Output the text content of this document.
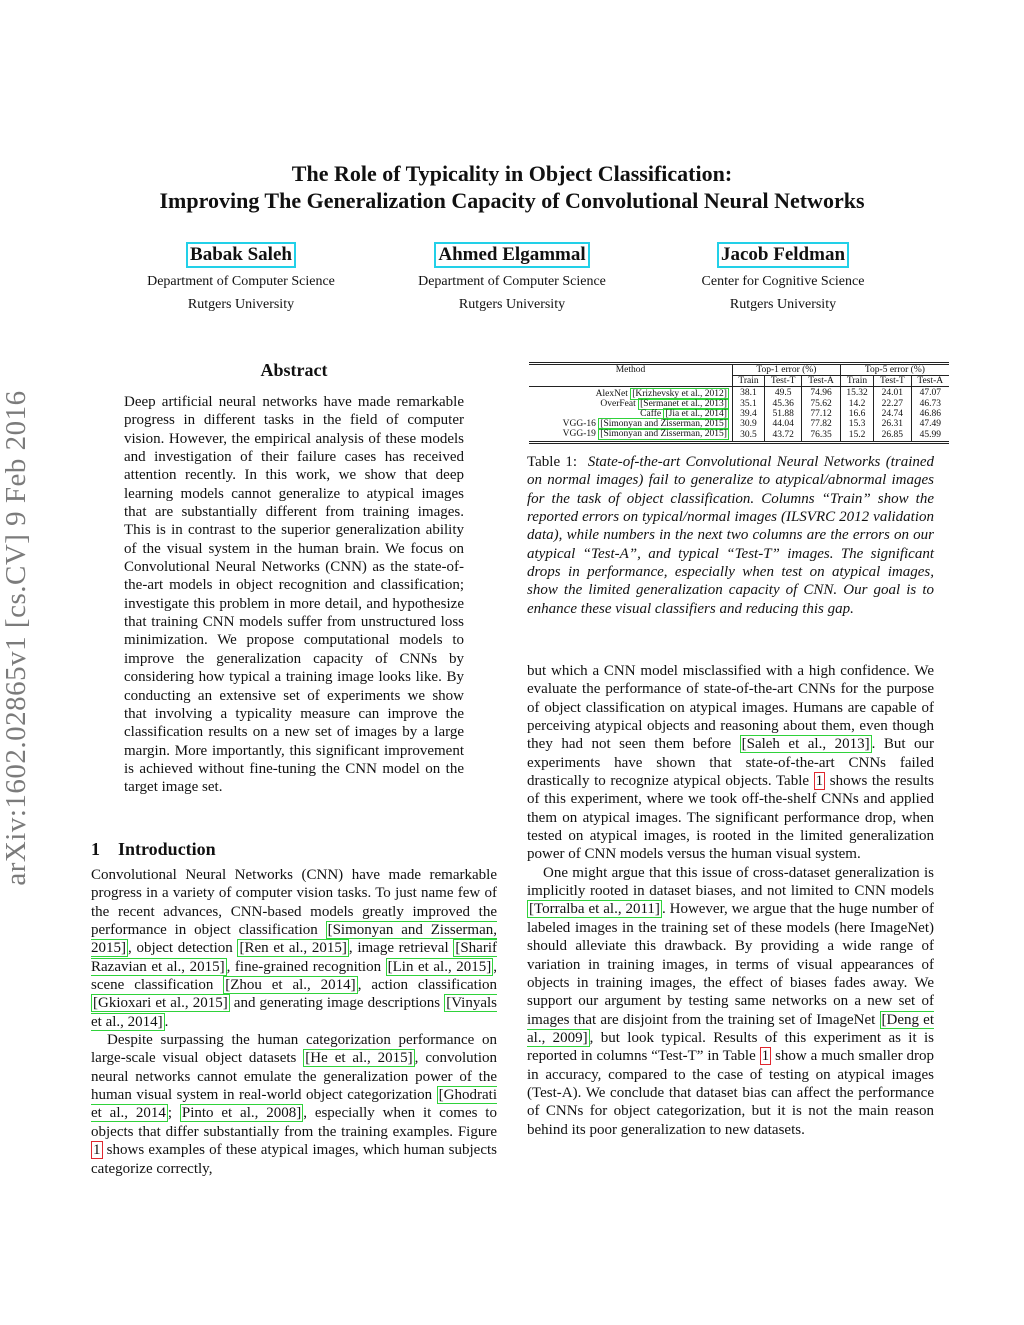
arXiv:1602.02865v1 [cs.CV] 9 Feb 2016
The Role of Typicality in Object Classification:
Improving The Generalization Capacity of Convolutional Neural Networks
Babak Saleh
Department of Computer Science
Rutgers University
Ahmed Elgammal
Department of Computer Science
Rutgers University
Jacob Feldman
Center for Cognitive Science
Rutgers University
Abstract

Deep artificial neural networks have made remarkable progress in different tasks in the field of computer vision. However, the empirical analysis of these models and investigation of their failure cases has received attention recently. In this work, we show that deep learning models cannot generalize to atypical images that are substantially different from training images. This is in contrast to the superior generalization ability of the visual system in the human brain. We focus on Convolutional Neural Networks (CNN) as the state-of-the-art models in object recognition and classification; investigate this problem in more detail, and hypothesize that training CNN models suffer from unstructured loss minimization. We propose computational models to improve the generalization capacity of CNNs by considering how typical a training image looks like. By conducting an extensive set of experiments we show that involving a typicality measure can improve the classification results on a new set of images by a large margin. More importantly, this significant improvement is achieved without fine-tuning the CNN model on the target image set.

1 Introduction

Convolutional Neural Networks (CNN) have made remarkable progress in a variety of computer vision tasks. To just name few of the recent advances, CNN-based models greatly improved the performance in object classification [Simonyan and Zisserman, 2015] , object detection [Ren et al., 2015] , image retrieval [Sharif Razavian et al., 2015] , fine-grained recognition [Lin et al., 2015] , scene classification [Zhou et al., 2014] , action classification [Gkioxari et al., 2015] and generating image descriptions [Vinyals et al., 2014] .

Despite surpassing the human categorization performance on large-scale visual object datasets [He et al., 2015] , convolution neural networks cannot emulate the generalization power of the human visual system in real-world object categorization [Ghodrati et al., 2014 ; Pinto et al., 2008] , especially when it comes to objects that differ substantially from the training examples. Figure 1 shows examples of these atypical images, which human subjects categorize correctly,

Method	Top-1 error (%)			Top-5 error (%)		
	Train	Test-T	Test-A	Train	Test-T	Test-A
AlexNet [Krizhevsky et al., 2012]	38.1	49.5	74.96	15.32	24.01	47.07
OverFeat [Sermanet et al., 2013]	35.1	45.36	75.62	14.2	22.27	46.73
Caffe [Jia et al., 2014]	39.4	51.88	77.12	16.6	24.74	46.86
VGG-16 [Simonyan and Zisserman, 2015]	30.9	44.04	77.82	15.3	26.31	47.49
VGG-19 [Simonyan and Zisserman, 2015]	30.5	43.72	76.35	15.2	26.85	45.99
Table 1: State-of-the-art Convolutional Neural Networks (trained on normal images) fail to generalize to atypical/abnormal images for the task of object classification. Columns “Train” show the reported errors on typical/normal images (ILSVRC 2012 validation data), while numbers in the next two columns are the errors on our atypical “Test-A”, and typical “Test-T” images. The significant drops in performance, especially when test on atypical images, show the limited generalization capacity of CNN. Our goal is to enhance these visual classifiers and reducing this gap.

but which a CNN model misclassified with a high confidence. We evaluate the performance of state-of-the-art CNNs for the purpose of object classification on atypical images. Humans are capable of perceiving atypical objects and reasoning about them, even though they had not seen them before [Saleh et al., 2013] . But our experiments have shown that state-of-the-art CNNs failed drastically to recognize atypical objects. Table 1 shows the results of this experiment, where we took off-the-shelf CNNs and applied them on atypical images. The significant performance drop, when tested on atypical images, is rooted in the limited generalization power of CNN models versus the human visual system.

One might argue that this issue of cross-dataset generalization is implicitly rooted in dataset biases, and not limited to CNN models [Torralba et al., 2011] . However, we argue that the huge number of labeled images in the training set of these models (here ImageNet) should alleviate this drawback. By providing a wide range of variation in training images, in terms of visual appearances of objects in training images, the effect of biases fades away. We support our argument by testing same networks on a new set of images that are disjoint from the training set of ImageNet [Deng et al., 2009] , but look typical. Results of this experiment as it is reported in columns “Test-T” in Table 1 show a much smaller drop in accuracy, compared to the case of testing on atypical images (Test-A). We conclude that dataset bias can affect the performance of CNNs for object categorization, but it is not the main reason behind its poor generalization to new datasets.
